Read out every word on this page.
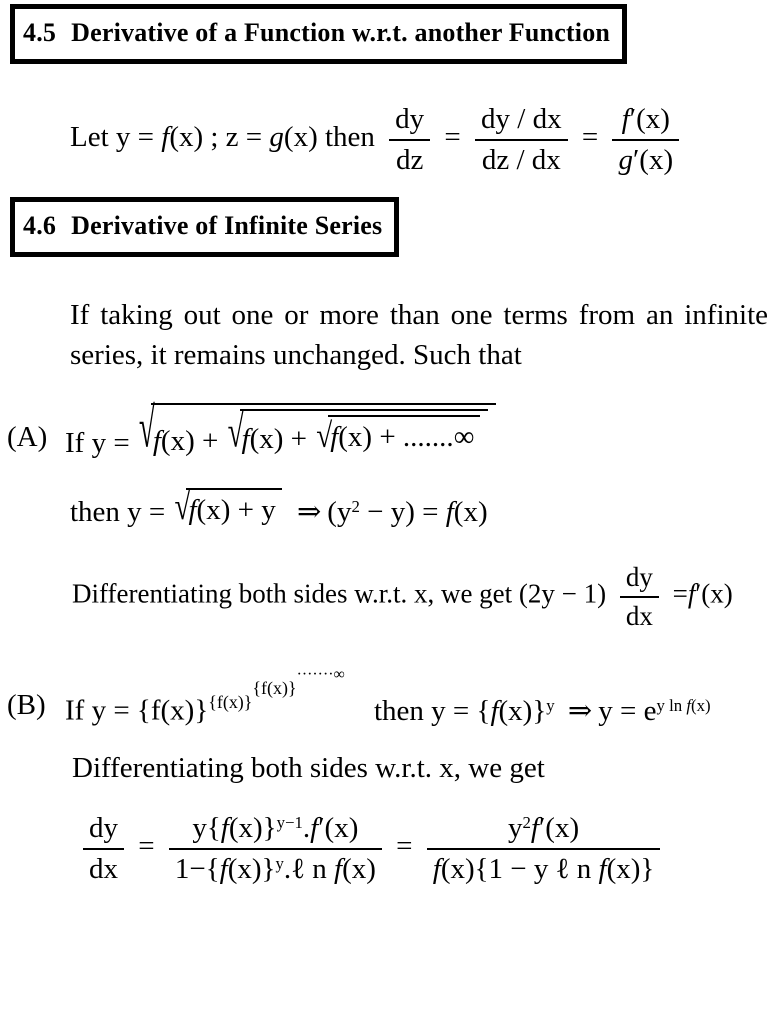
4.5 Derivative of a Function w.r.t. another Function
Let y = f(x) ; z = g(x) then $\frac{dy}{dz} = \frac{dy / dx}{dz / dx} = \frac{f'(x)}{g'(x)}$
4.6 Derivative of Infinite Series

If taking out one or more than one terms from an infinite series, it remains unchanged. Such that

(A) If y = √
f(x) + √
f(x) + √
f(x) + .......∞
then y = √
f(x) + y ⇒ $(y^2 - y) = f(x)$
Differentiating both sides w.r.t. x, we get $(2y - 1) \frac{dy}{dx} =f'(x)$
(B) If $y = \{f(x)\}^{\{f(x)\}\{f(x)\}\cdot\cdot\cdot\cdot\cdot\cdot\cdot\infty}$ then $y = \{f(x)\}^y$ ⇒ $y = e^{y ln f(x)}$
Differentiating both sides w.r.t. x, we get
$\frac{dy}{dx} = \frac{y\{f(x)\}^{y-1}.f'(x)}{1-\{f(x)\}^y.\ell n f(x)} = \frac{y^2f'(x)}{\text{f(x)\{1 − y ℓ n f(x)\}}}$
